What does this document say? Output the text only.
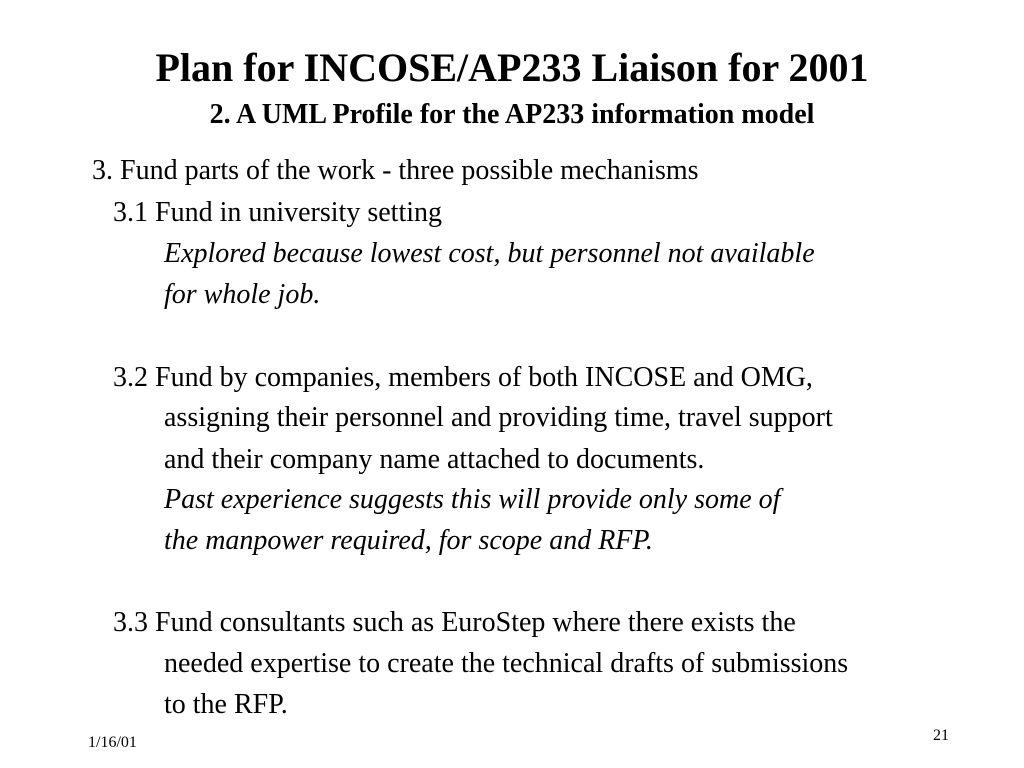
Plan for INCOSE/AP233 Liaison for 2001
2. A UML Profile for the AP233 information model
3. Fund parts of the work - three possible mechanisms
3.1 Fund in university setting
Explored because lowest cost, but personnel not available
for whole job.
3.2 Fund by companies, members of both INCOSE and OMG,
assigning their personnel and providing time, travel support
and their company name attached to documents.
Past experience suggests this will provide only some of
the manpower required, for scope and RFP.
3.3 Fund consultants such as EuroStep where there exists the
needed expertise to create the technical drafts of submissions
to the RFP.
1/16/01	21
